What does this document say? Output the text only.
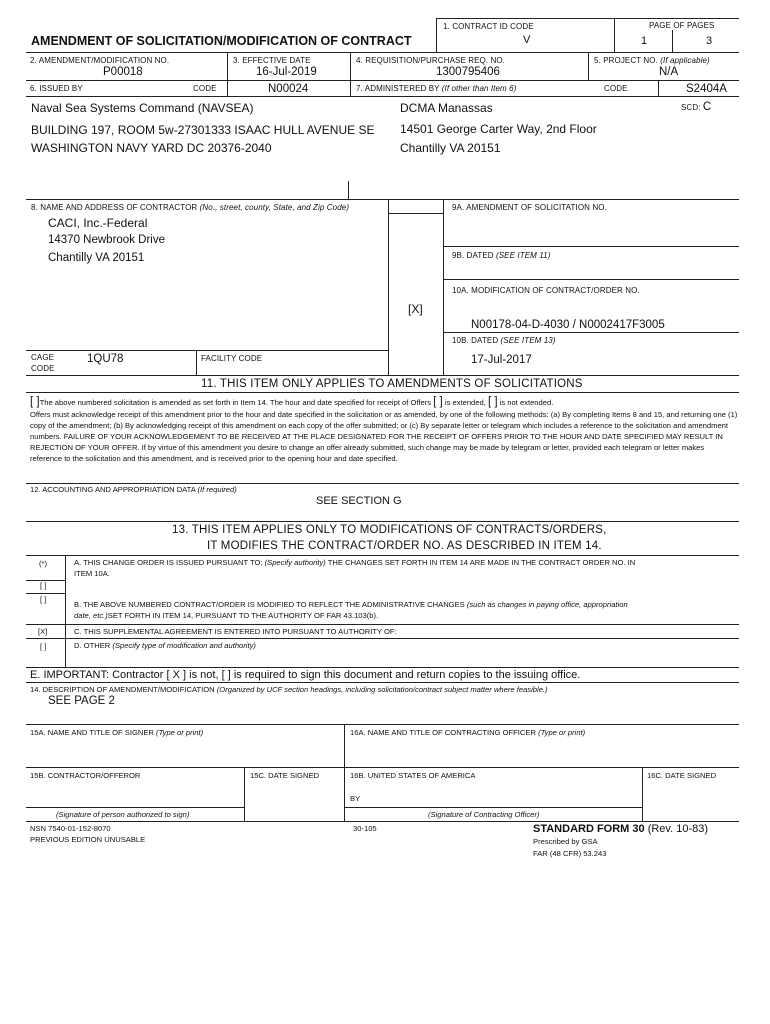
1. CONTRACT ID CODE
V
PAGE OF PAGES
1	3
AMENDMENT OF SOLICITATION/MODIFICATION OF CONTRACT
2. AMENDMENT/MODIFICATION NO.
P00018
3. EFFECTIVE DATE
16-Jul-2019
4. REQUISITION/PURCHASE REQ. NO.
1300795406
5. PROJECT NO. (If applicable)
N/A
6. ISSUED BY	CODE	N00024	7. ADMINISTERED BY (If other than Item 6)	CODE	S2404A
SCD: C
Naval Sea Systems Command (NAVSEA)
BUILDING 197, ROOM 5w-27301333 ISAAC HULL AVENUE SE
WASHINGTON NAVY YARD DC 20376-2040
DCMA Manassas
14501 George Carter Way, 2nd Floor
Chantilly VA 20151
8. NAME AND ADDRESS OF CONTRACTOR (No., street, county, State, and Zip Code)
CACI, Inc.-Federal
14370 Newbrook Drive
Chantilly VA 20151
[X]
9A. AMENDMENT OF SOLICITATION NO.
9B. DATED (SEE ITEM 11)
10A. MODIFICATION OF CONTRACT/ORDER NO.
N00178-04-D-4030 / N0002417F3005
10B. DATED (SEE ITEM 13)
17-Jul-2017
CAGE
CODE
1QU78	FACILITY CODE
11. THIS ITEM ONLY APPLIES TO AMENDMENTS OF SOLICITATIONS
[ ]The above numbered solicitation is amended as set forth in Item 14. The hour and date specified for receipt of Offers [ ] is extended, [ ] is not extended.
Offers must acknowledge receipt of this amendment prior to the hour and date specified in the solicitation or as amended, by one of the following methods: (a) By completing Items 8 and 15, and returning one (1) copy of the amendment; (b) By acknowledging receipt of this amendment on each copy of the offer submitted; or (c) By separate letter or telegram which includes a reference to the solicitation and amendment numbers. FAILURE OF YOUR ACKNOWLEDGEMENT TO BE RECEIVED AT THE PLACE DESIGNATED FOR THE RECEIPT OF OFFERS PRIOR TO THE HOUR AND DATE SPECIFIED MAY RESULT IN REJECTION OF YOUR OFFER. If by virtue of this amendment you desire to change an offer already submitted, such change may be made by telegram or letter, provided each telegram or letter makes reference to the solicitation and this amendment, and is received prior to the opening hour and date specified.
12. ACCOUNTING AND APPROPRIATION DATA (If required)
SEE SECTION G
13. THIS ITEM APPLIES ONLY TO MODIFICATIONS OF CONTRACTS/ORDERS,
IT MODIFIES THE CONTRACT/ORDER NO. AS DESCRIBED IN ITEM 14.
(*)	A. THIS CHANGE ORDER IS ISSUED PURSUANT TO: (Specify authority) THE CHANGES SET FORTH IN ITEM 14 ARE MADE IN THE CONTRACT ORDER NO. IN
ITEM 10A.
[ ]
[ ]
B. THE ABOVE NUMBERED CONTRACT/ORDER IS MODIFIED TO REFLECT THE ADMINISTRATIVE CHANGES (such as changes in paying office, appropriation
date, etc.)SET FORTH IN ITEM 14, PURSUANT TO THE AUTHORITY OF FAR 43.103(b).
[X]	C. THIS SUPPLEMENTAL AGREEMENT IS ENTERED INTO PURSUANT TO AUTHORITY OF:
[ ]	D. OTHER (Specify type of modification and authority)
E. IMPORTANT: Contractor [ X ] is not, [ ] is required to sign this document and return copies to the issuing office.
14. DESCRIPTION OF AMENDMENT/MODIFICATION (Organized by UCF section headings, including solicitation/contract subject matter where feasible.)
SEE PAGE 2
15A. NAME AND TITLE OF SIGNER (Type or print)	16A. NAME AND TITLE OF CONTRACTING OFFICER (Type or print)
15B. CONTRACTOR/OFFEROR	15C. DATE SIGNED	16B. UNITED STATES OF AMERICA	16C. DATE SIGNED
BY
(Signature of person authorized to sign)	(Signature of Contracting Officer)
NSN 7540-01-152-8070
PREVIOUS EDITION UNUSABLE
30-105	STANDARD FORM 30 (Rev. 10-83)
Prescribed by GSA
FAR (48 CFR) 53.243
